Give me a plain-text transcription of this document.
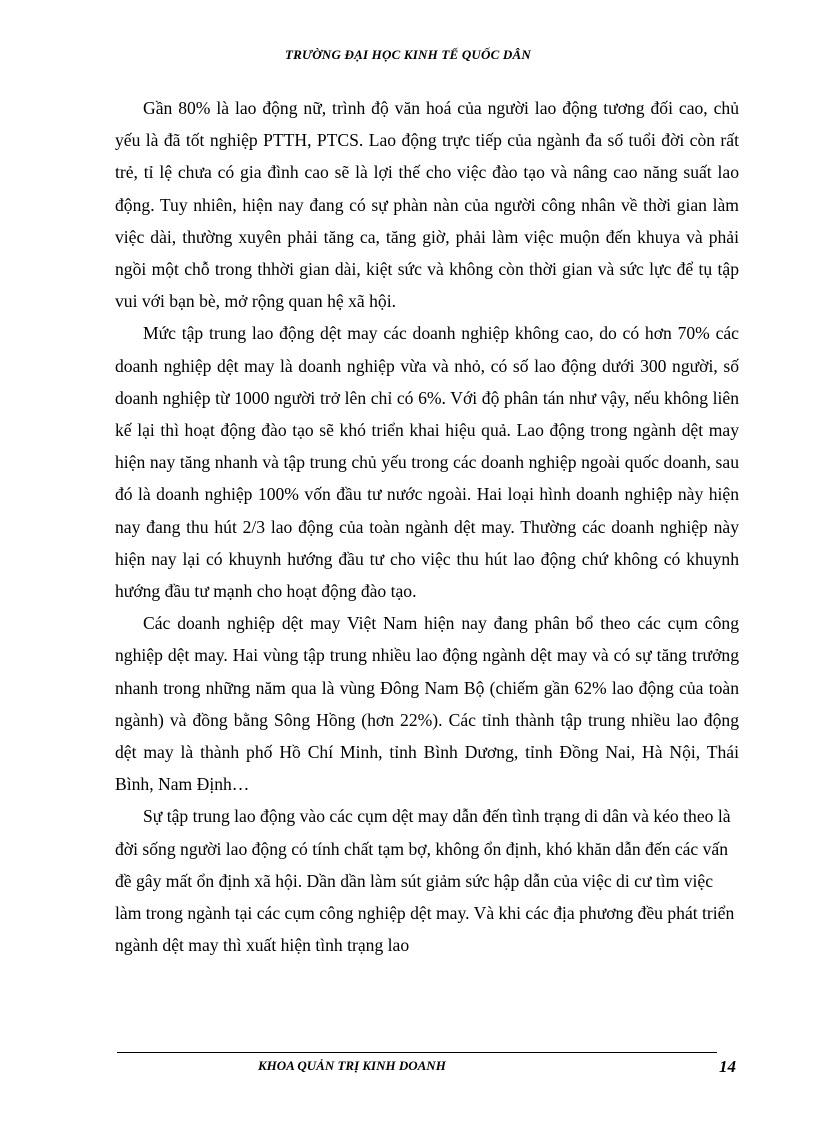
TRƯỜNG ĐẠI HỌC KINH TẾ QUỐC DÂN

Gần 80% là lao động nữ, trình độ văn hoá của người lao động tương đối cao, chủ yếu là đã tốt nghiệp PTTH, PTCS. Lao động trực tiếp của ngành đa số tuổi đời còn rất trẻ, tỉ lệ chưa có gia đình cao sẽ là lợi thế cho việc đào tạo và nâng cao năng suất lao động. Tuy nhiên, hiện nay đang có sự phàn nàn của người công nhân về thời gian làm việc dài, thường xuyên phải tăng ca, tăng giờ, phải làm việc muộn đến khuya và phải ngồi một chỗ trong thhời gian dài, kiệt sức và không còn thời gian và sức lực để tụ tập vui với bạn bè, mở rộng quan hệ xã hội.

Mức tập trung lao động dệt may các doanh nghiệp không cao, do có hơn 70% các doanh nghiệp dệt may là doanh nghiệp vừa và nhỏ, có số lao động dưới 300 người, số doanh nghiệp từ 1000 người trở lên chỉ có 6%. Với độ phân tán như vậy, nếu không liên kế lại thì hoạt động đào tạo sẽ khó triển khai hiệu quả. Lao động trong ngành dệt may hiện nay tăng nhanh và tập trung chủ yếu trong các doanh nghiệp ngoài quốc doanh, sau đó là doanh nghiệp 100% vốn đầu tư nước ngoài. Hai loại hình doanh nghiệp này hiện nay đang thu hút 2/3 lao động của toàn ngành dệt may. Thường các doanh nghiệp này hiện nay lại có khuynh hướng đầu tư cho việc thu hút lao động chứ không có khuynh hướng đầu tư mạnh cho hoạt động đào tạo.

Các doanh nghiệp dệt may Việt Nam hiện nay đang phân bổ theo các cụm công nghiệp dệt may. Hai vùng tập trung nhiều lao động ngành dệt may và có sự tăng trưởng nhanh trong những năm qua là vùng Đông Nam Bộ (chiếm gần 62% lao động của toàn ngành) và đồng bằng Sông Hồng (hơn 22%). Các tỉnh thành tập trung nhiều lao động dệt may là thành phố Hồ Chí Minh, tỉnh Bình Dương, tỉnh Đồng Nai, Hà Nội, Thái Bình, Nam Định…

Sự tập trung lao động vào các cụm dệt may dẫn đến tình trạng di dân và kéo theo là đời sống người lao động có tính chất tạm bợ, không ổn định, khó khăn dẫn đến các vấn đề gây mất ổn định xã hội. Dần dần làm sút giảm sức hập dẫn của việc di cư tìm việc làm trong ngành tại các cụm công nghiệp dệt may. Và khi các địa phương đều phát triển ngành dệt may thì xuất hiện tình trạng lao

KHOA QUẢN TRỊ KINH DOANH	14
